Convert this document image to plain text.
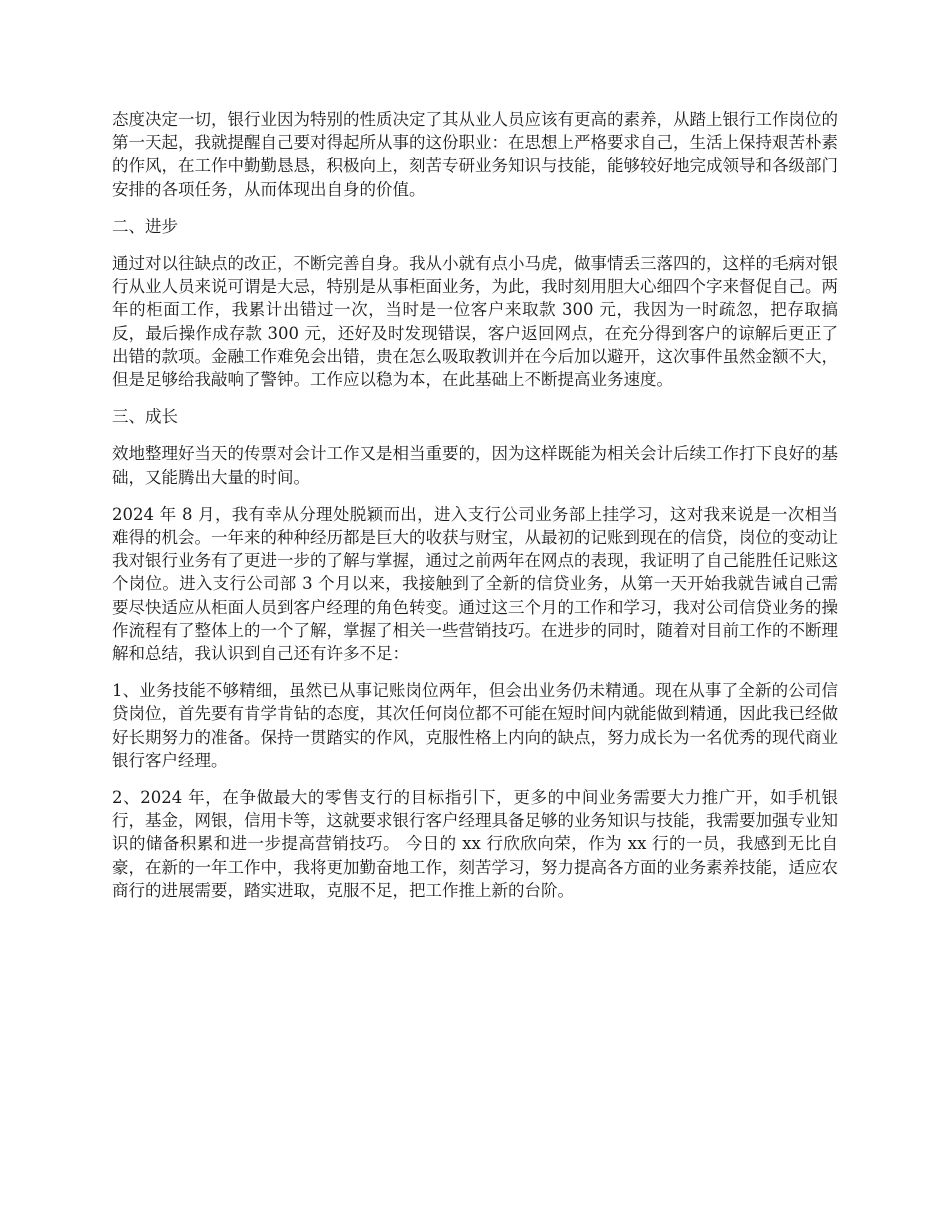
态度决定一切，银行业因为特别的性质决定了其从业人员应该有更高的素养，从踏上银行工作岗位的第一天起，我就提醒自己要对得起所从事的这份职业：在思想上严格要求自己，生活上保持艰苦朴素的作风，在工作中勤勤恳恳，积极向上，刻苦专研业务知识与技能，能够较好地完成领导和各级部门安排的各项任务，从而体现出自身的价值。

二、进步

通过对以往缺点的改正，不断完善自身。我从小就有点小马虎，做事情丢三落四的，这样的毛病对银行从业人员来说可谓是大忌，特别是从事柜面业务，为此，我时刻用胆大心细四个字来督促自己。两年的柜面工作，我累计出错过一次，当时是一位客户来取款 300 元，我因为一时疏忽，把存取搞反，最后操作成存款 300 元，还好及时发现错误，客户返回网点，在充分得到客户的谅解后更正了出错的款项。金融工作难免会出错，贵在怎么吸取教训并在今后加以避开，这次事件虽然金额不大，但是足够给我敲响了警钟。工作应以稳为本，在此基础上不断提高业务速度。

三、成长

效地整理好当天的传票对会计工作又是相当重要的，因为这样既能为相关会计后续工作打下良好的基础，又能腾出大量的时间。

2024 年 8 月，我有幸从分理处脱颖而出，进入支行公司业务部上挂学习，这对我来说是一次相当难得的机会。一年来的种种经历都是巨大的收获与财宝，从最初的记账到现在的信贷，岗位的变动让我对银行业务有了更进一步的了解与掌握，通过之前两年在网点的表现，我证明了自己能胜任记账这个岗位。进入支行公司部 3 个月以来，我接触到了全新的信贷业务，从第一天开始我就告诫自己需要尽快适应从柜面人员到客户经理的角色转变。通过这三个月的工作和学习，我对公司信贷业务的操作流程有了整体上的一个了解，掌握了相关一些营销技巧。在进步的同时，随着对目前工作的不断理解和总结，我认识到自己还有许多不足：

1、业务技能不够精细，虽然已从事记账岗位两年，但会出业务仍未精通。现在从事了全新的公司信贷岗位，首先要有肯学肯钻的态度，其次任何岗位都不可能在短时间内就能做到精通，因此我已经做好长期努力的准备。保持一贯踏实的作风，克服性格上内向的缺点，努力成长为一名优秀的现代商业银行客户经理。

2、2024 年，在争做最大的零售支行的目标指引下，更多的中间业务需要大力推广开，如手机银行，基金，网银，信用卡等，这就要求银行客户经理具备足够的业务知识与技能，我需要加强专业知识的储备积累和进一步提高营销技巧。 今日的 xx 行欣欣向荣，作为 xx 行的一员，我感到无比自豪，在新的一年工作中，我将更加勤奋地工作，刻苦学习，努力提高各方面的业务素养技能，适应农商行的进展需要，踏实进取，克服不足，把工作推上新的台阶。
